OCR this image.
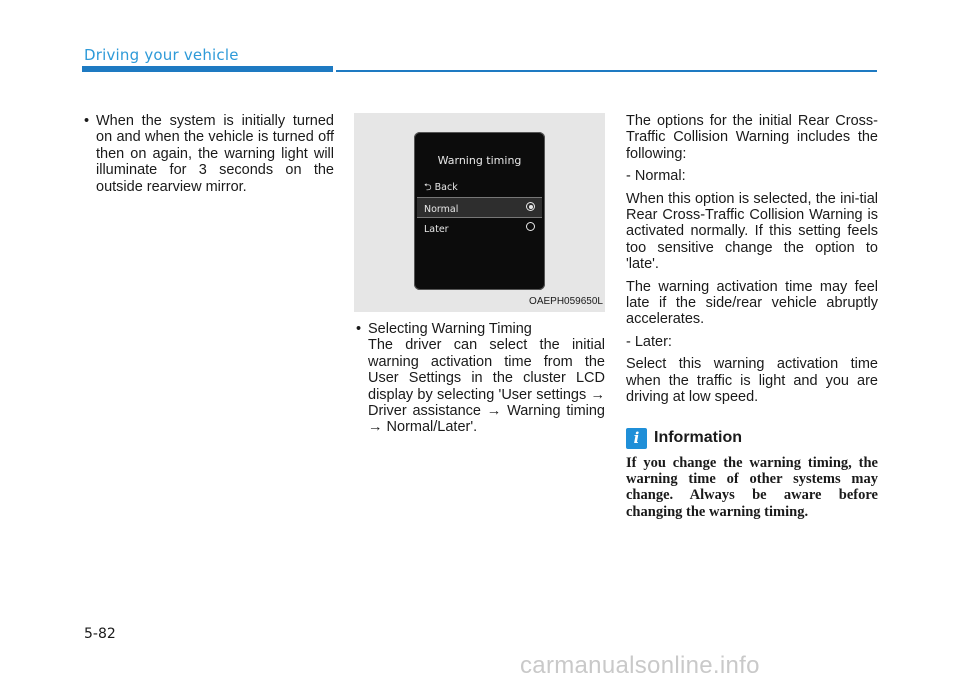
Driving your vehicle
• When the system is initially turned on and when the vehicle is turned off then on again, the warning light will illuminate for 3 seconds on the outside rearview mirror.
Warning timing
⮌ Back
Normal
Later
OAEPH059650L
• Selecting Warning Timing
The driver can select the initial warning activation time from the User Settings in the cluster LCD display by selecting 'User settings → Driver assistance → Warning timing → Normal/Later'.

The options for the initial Rear Cross-Traffic Collision Warning includes the following:

- Normal:

When this option is selected, the ini-tial Rear Cross-Traffic Collision Warning is activated normally. If this setting feels too sensitive change the option to 'late'.

The warning activation time may feel late if the side/rear vehicle abruptly accelerates.

- Later:

Select this warning activation time when the traffic is light and you are driving at low speed.

i Information

If you change the warning timing, the warning time of other systems may change. Always be aware before changing the warning timing.

5-82
carmanualsonline.info
